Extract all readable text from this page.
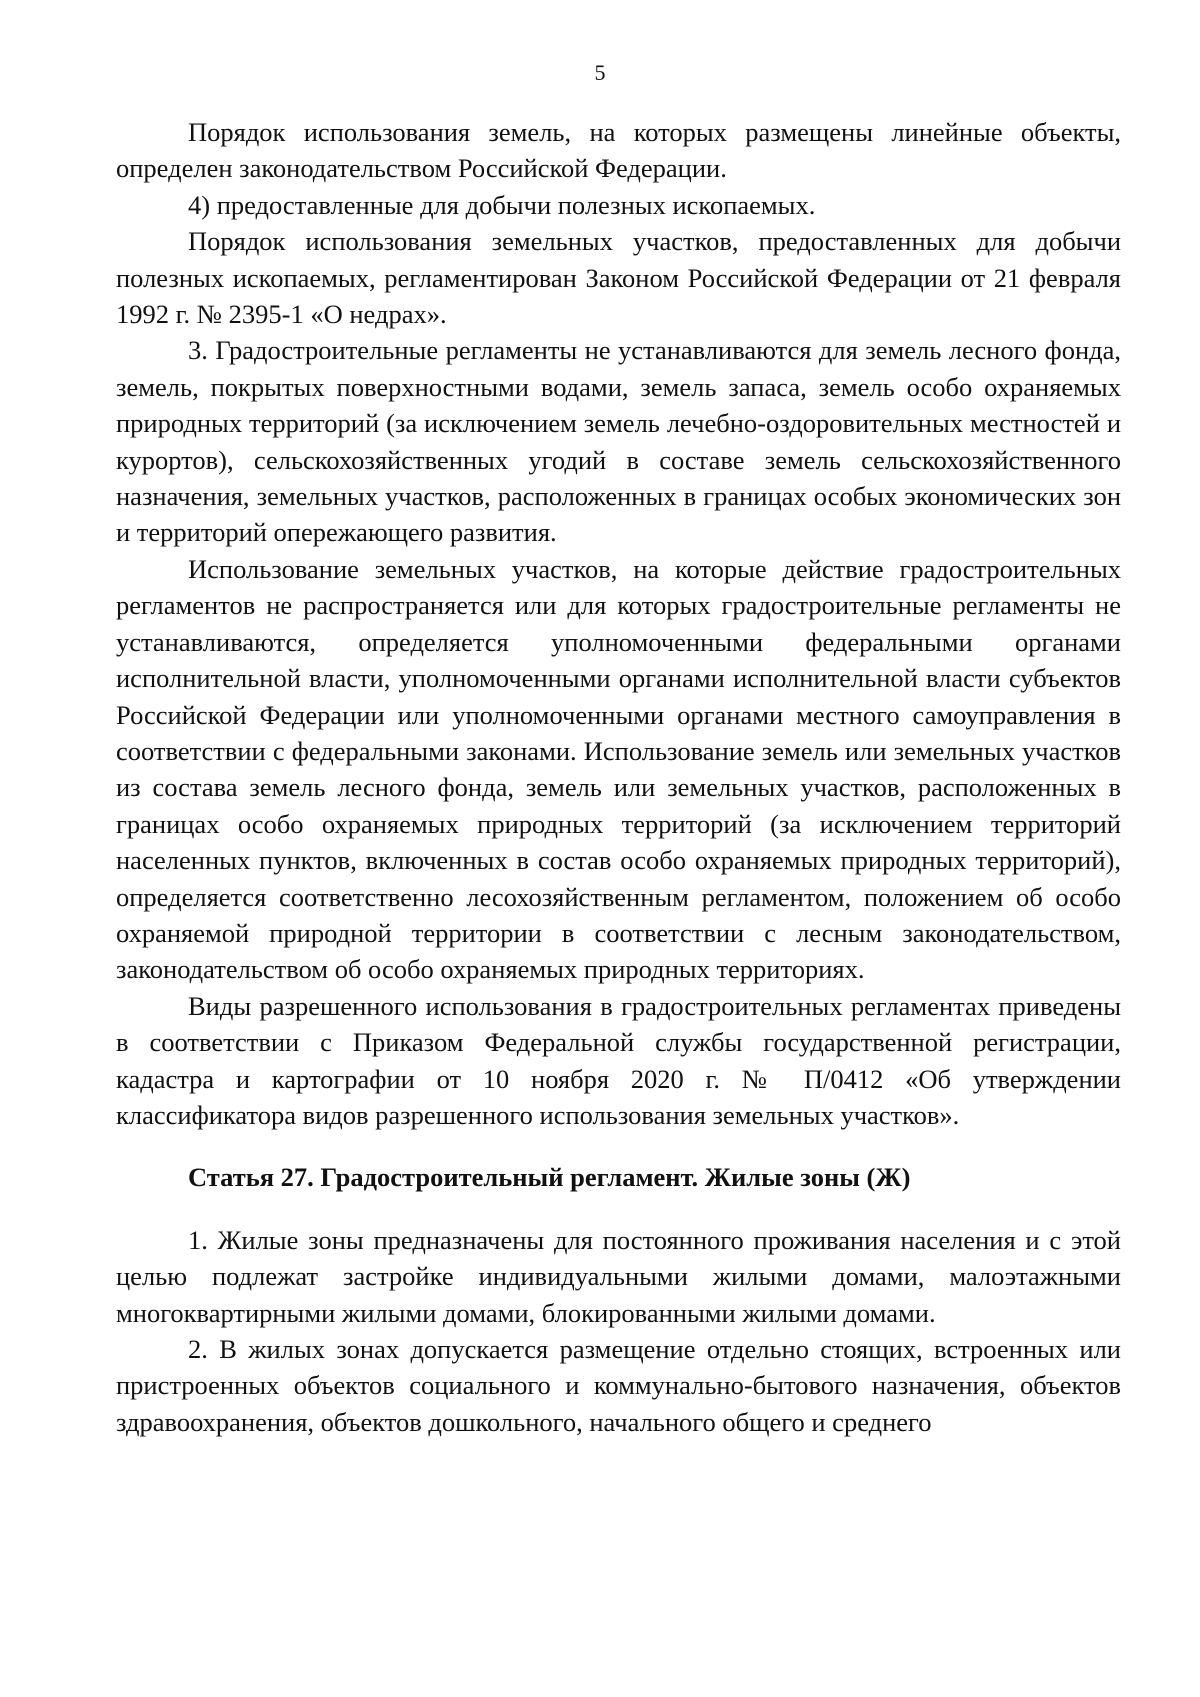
5

Порядок использования земель, на которых размещены линейные объекты, определен законодательством Российской Федерации.

4) предоставленные для добычи полезных ископаемых.

Порядок использования земельных участков, предоставленных для добычи полезных ископаемых, регламентирован Законом Российской Федерации от 21 февраля 1992 г. № 2395-1 «О недрах».

3. Градостроительные регламенты не устанавливаются для земель лесного фонда, земель, покрытых поверхностными водами, земель запаса, земель особо охраняемых природных территорий (за исключением земель лечебно-оздоровительных местностей и курортов), сельскохозяйственных угодий в составе земель сельскохозяйственного назначения, земельных участков, расположенных в границах особых экономических зон и территорий опережающего развития.

Использование земельных участков, на которые действие градостроительных регламентов не распространяется или для которых градостроительные регламенты не устанавливаются, определяется уполномоченными федеральными органами исполнительной власти, уполномоченными органами исполнительной власти субъектов Российской Федерации или уполномоченными органами местного самоуправления в соответствии с федеральными законами. Использование земель или земельных участков из состава земель лесного фонда, земель или земельных участков, расположенных в границах особо охраняемых природных территорий (за исключением территорий населенных пунктов, включенных в состав особо охраняемых природных территорий), определяется соответственно лесохозяйственным регламентом, положением об особо охраняемой природной территории в соответствии с лесным законодательством, законодательством об особо охраняемых природных территориях.

Виды разрешенного использования в градостроительных регламентах приведены в соответствии с Приказом Федеральной службы государственной регистрации, кадастра и картографии от 10 ноября 2020 г. № П/0412 «Об утверждении классификатора видов разрешенного использования земельных участков».

Статья 27. Градостроительный регламент. Жилые зоны (Ж)

1. Жилые зоны предназначены для постоянного проживания населения и с этой целью подлежат застройке индивидуальными жилыми домами, малоэтажными многоквартирными жилыми домами, блокированными жилыми домами.

2. В жилых зонах допускается размещение отдельно стоящих, встроенных или пристроенных объектов социального и коммунально-бытового назначения, объектов здравоохранения, объектов дошкольного, начального общего и среднего
